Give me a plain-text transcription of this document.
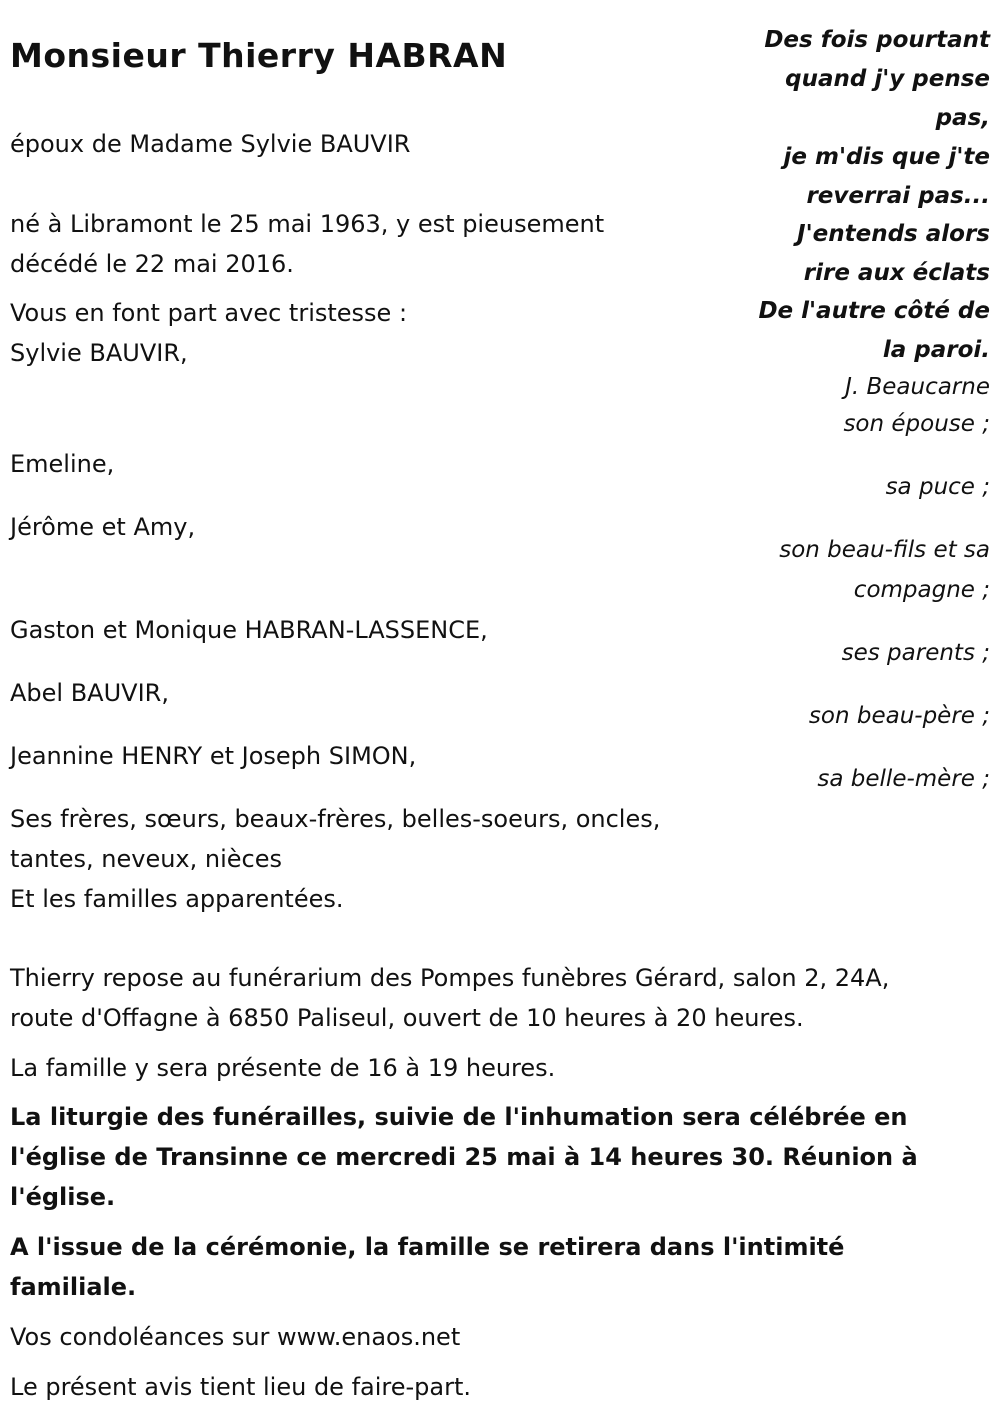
Monsieur Thierry HABRAN
époux de Madame Sylvie BAUVIR
né à Libramont le 25 mai 1963, y est pieusement
décédé le 22 mai 2016.
Vous en font part avec tristesse :
Sylvie BAUVIR,
Emeline,
Jérôme et Amy,
Gaston et Monique HABRAN-LASSENCE,
Abel BAUVIR,
Jeannine HENRY et Joseph SIMON,
Ses frères, sœurs, beaux-frères, belles-soeurs, oncles,
tantes, neveux, nièces
Et les familles apparentées.
Thierry repose au funérarium des Pompes funèbres Gérard, salon 2, 24A,
route d'Offagne à 6850 Paliseul, ouvert de 10 heures à 20 heures.
La famille y sera présente de 16 à 19 heures.
La liturgie des funérailles, suivie de l'inhumation sera célébrée en
l'église de Transinne ce mercredi 25 mai à 14 heures 30. Réunion à
l'église.
A l'issue de la cérémonie, la famille se retirera dans l'intimité
familiale.
Vos condoléances sur www.enaos.net
Le présent avis tient lieu de faire-part.
Des fois pourtant
quand j'y pense
pas,
je m'dis que j'te
reverrai pas...
J'entends alors
rire aux éclats
De l'autre côté de
la paroi.
J. Beaucarne
son épouse ;
sa puce ;
son beau-fils et sa
compagne ;
ses parents ;
son beau-père ;
sa belle-mère ;
